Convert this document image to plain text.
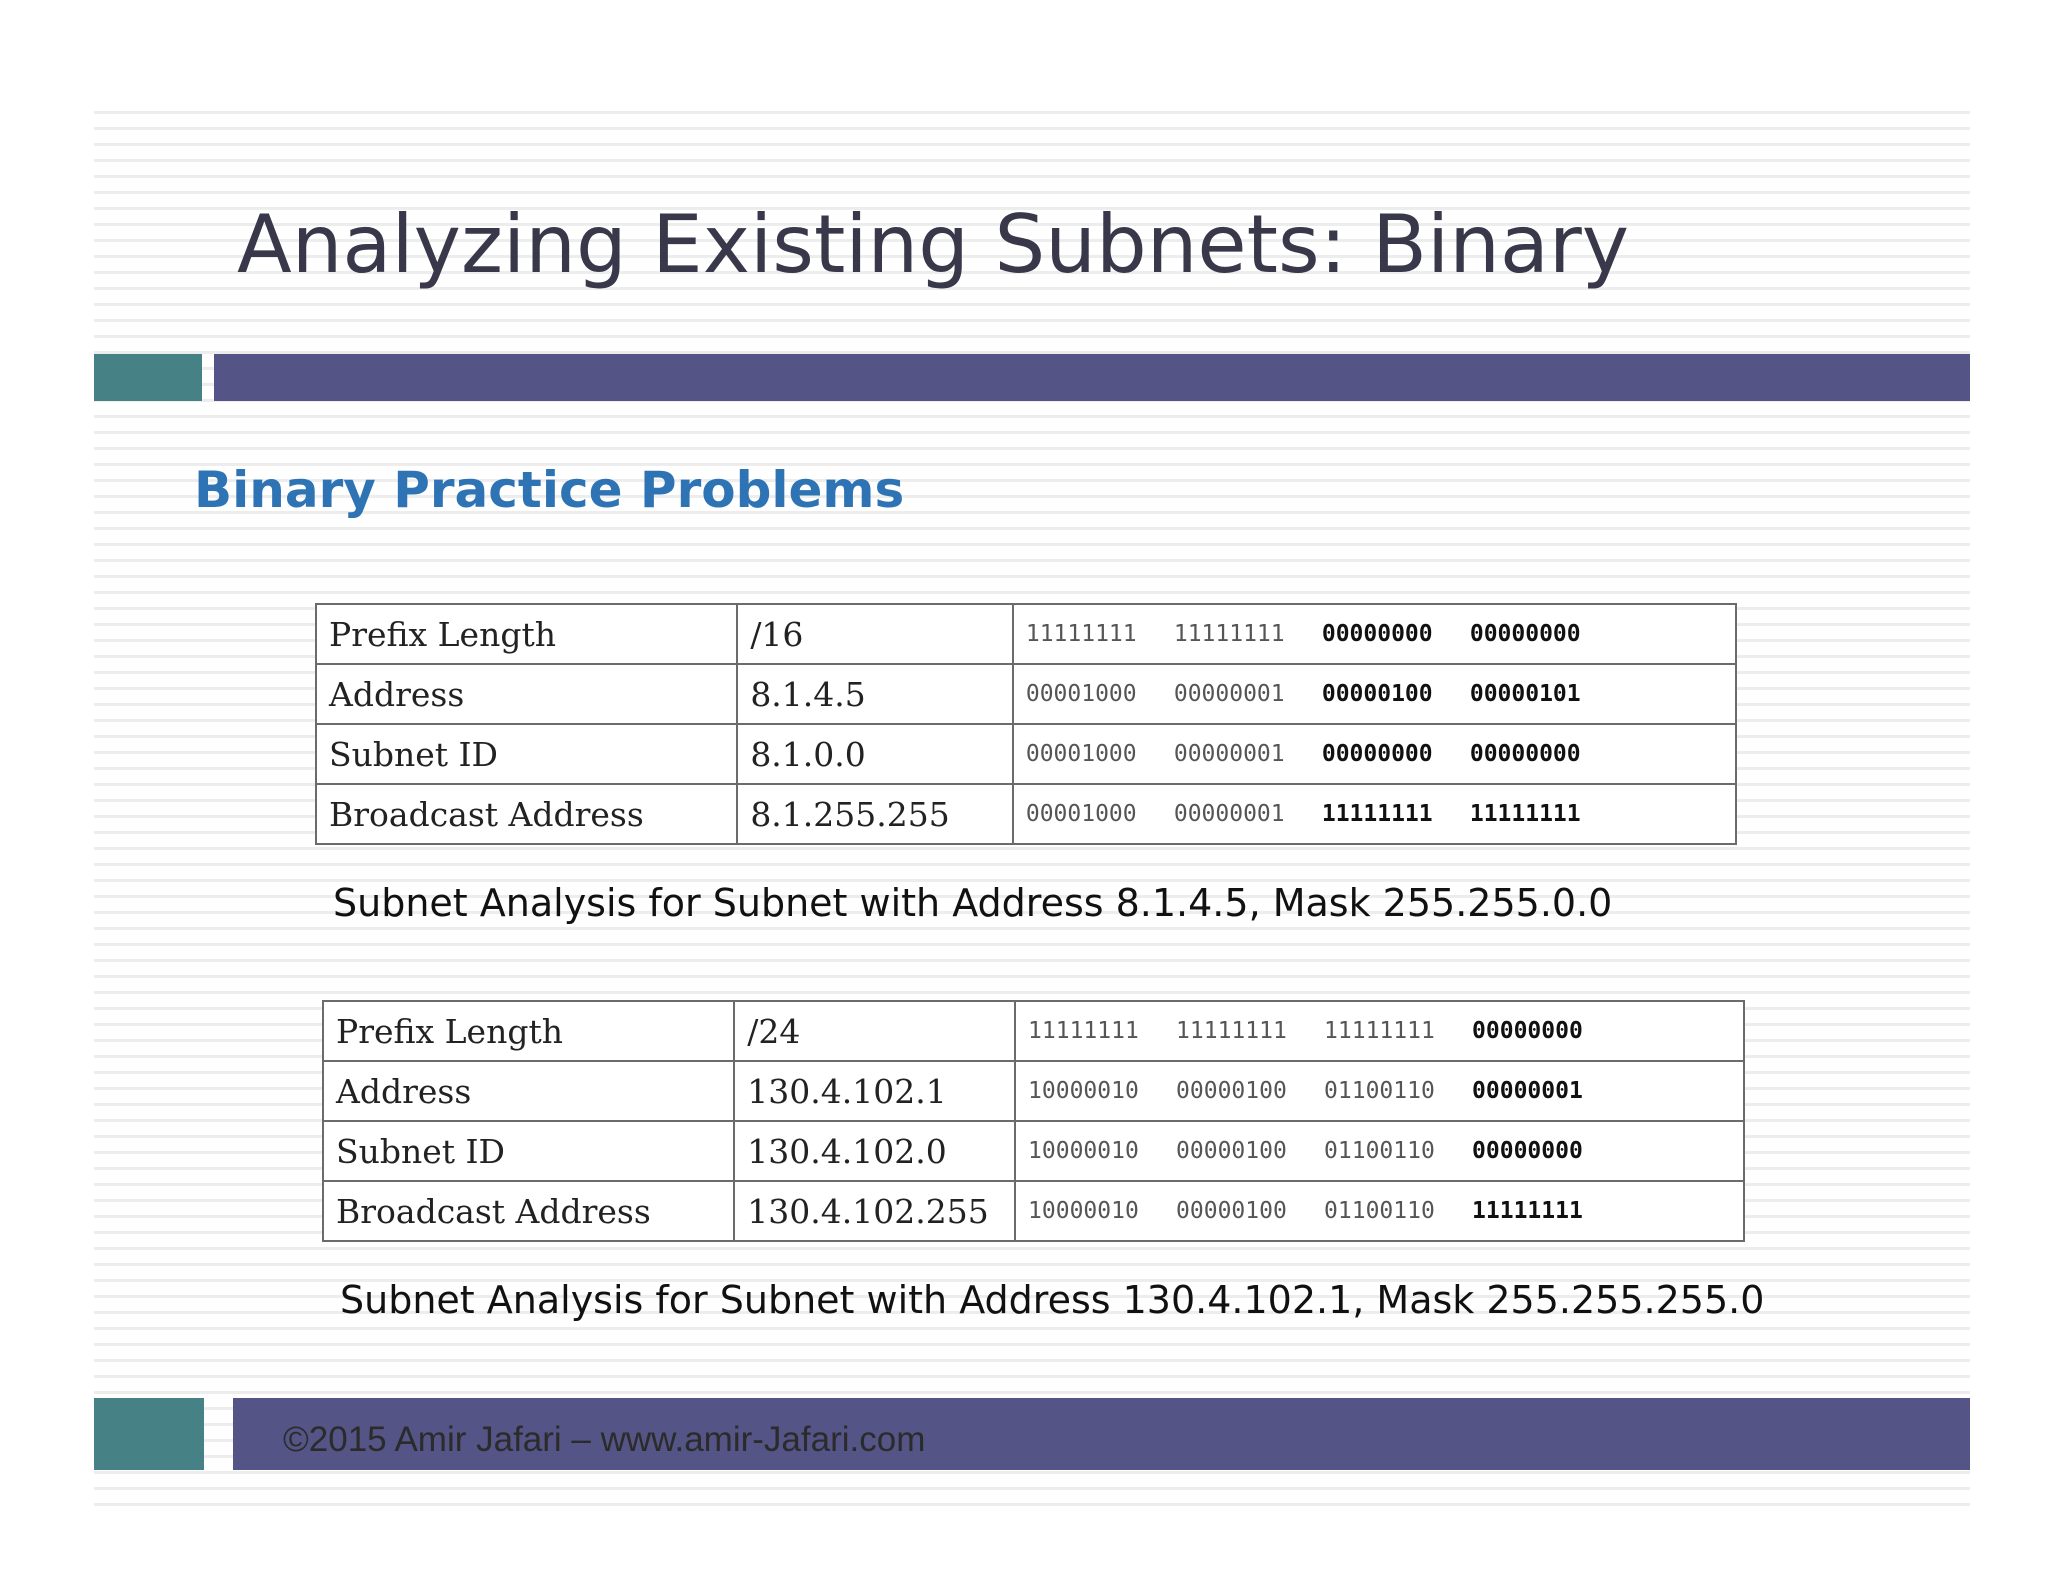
Analyzing Existing Subnets: Binary
Binary Practice Problems
Prefix Length	/16	11111111 11111111 00000000 00000000
Address	8.1.4.5	00001000 00000001 00000100 00000101
Subnet ID	8.1.0.0	00001000 00000001 00000000 00000000
Broadcast Address	8.1.255.255	00001000 00000001 11111111 11111111

Subnet Analysis for Subnet with Address 8.1.4.5, Mask 255.255.0.0

Prefix Length	/24	11111111 11111111 11111111 00000000
Address	130.4.102.1	10000010 00000100 01100110 00000001
Subnet ID	130.4.102.0	10000010 00000100 01100110 00000000
Broadcast Address	130.4.102.255	10000010 00000100 01100110 11111111

Subnet Analysis for Subnet with Address 130.4.102.1, Mask 255.255.255.0

©2015 Amir Jafari – www.amir-Jafari.com
